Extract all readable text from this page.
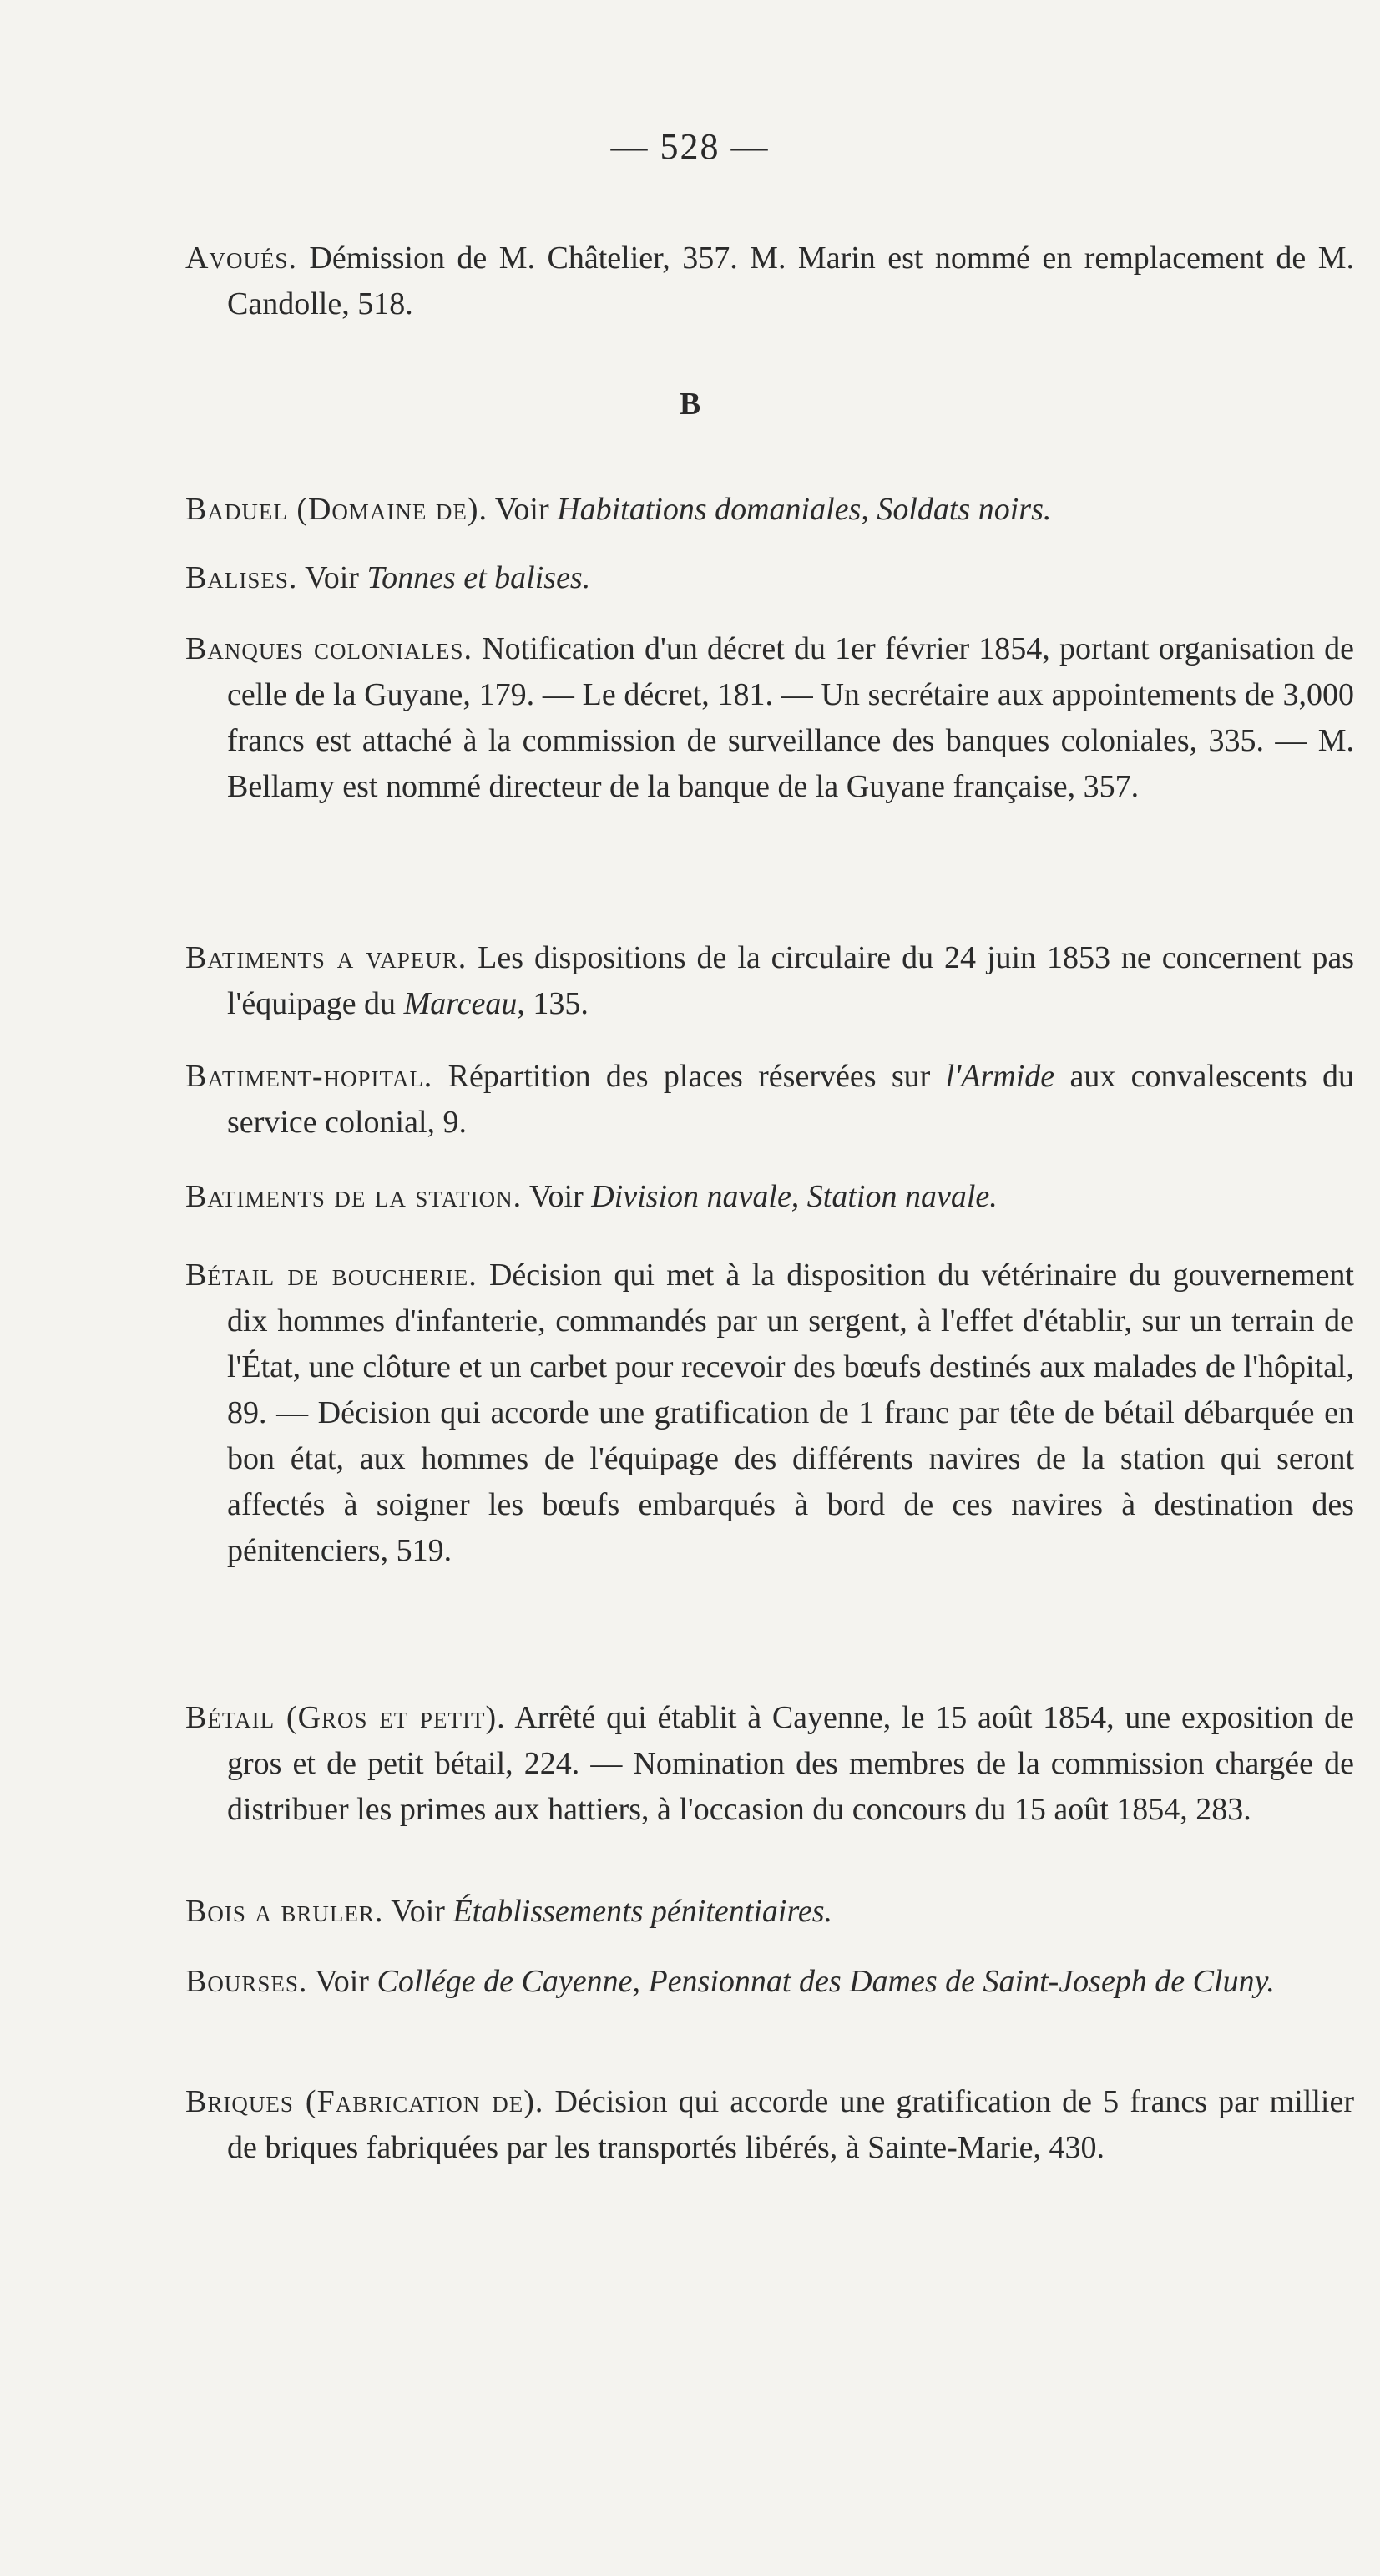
— 528 —

Avoués. Démission de M. Châtelier, 357. M. Marin est nommé en remplacement de M. Candolle, 518.

B

Baduel (Domaine de). Voir Habitations domaniales, Soldats noirs.

Balises. Voir Tonnes et balises.

Banques coloniales. Notification d'un décret du 1er février 1854, portant organisation de celle de la Guyane, 179. — Le décret, 181. — Un secrétaire aux appointements de 3,000 francs est attaché à la commission de surveillance des banques coloniales, 335. — M. Bellamy est nommé directeur de la banque de la Guyane française, 357.

Batiments a vapeur. Les dispositions de la circulaire du 24 juin 1853 ne concernent pas l'équipage du Marceau, 135.

Batiment-hopital. Répartition des places réservées sur l'Armide aux convalescents du service colonial, 9.

Batiments de la station. Voir Division navale, Station navale.

Bétail de boucherie. Décision qui met à la disposition du vétérinaire du gouvernement dix hommes d'infanterie, commandés par un sergent, à l'effet d'établir, sur un terrain de l'État, une clôture et un carbet pour recevoir des bœufs destinés aux malades de l'hôpital, 89. — Décision qui accorde une gratification de 1 franc par tête de bétail débarquée en bon état, aux hommes de l'équipage des différents navires de la station qui seront affectés à soigner les bœufs embarqués à bord de ces navires à destination des pénitenciers, 519.

Bétail (Gros et petit). Arrêté qui établit à Cayenne, le 15 août 1854, une exposition de gros et de petit bétail, 224. — Nomination des membres de la commission chargée de distribuer les primes aux hattiers, à l'occasion du concours du 15 août 1854, 283.

Bois a bruler. Voir Établissements pénitentiaires.

Bourses. Voir Collége de Cayenne, Pensionnat des Dames de Saint-Joseph de Cluny.

Briques (Fabrication de). Décision qui accorde une gratification de 5 francs par millier de briques fabriquées par les transportés libérés, à Sainte-Marie, 430.
